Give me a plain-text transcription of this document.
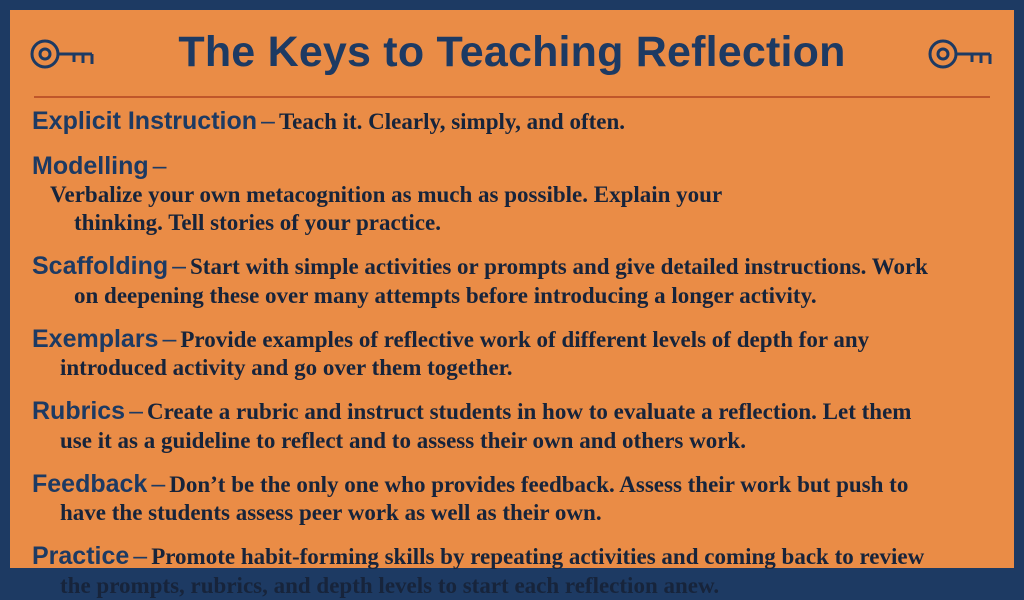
The Keys to Teaching Reflection
Explicit Instruction – Teach it. Clearly, simply, and often.
Modelling –
Verbalize your own metacognition as much as possible. Explain your
thinking. Tell stories of your practice.
Scaffolding – Start with simple activities or prompts and give detailed instructions. Work
on deepening these over many attempts before introducing a longer activity.
Exemplars – Provide examples of reflective work of different levels of depth for any
introduced activity and go over them together.
Rubrics – Create a rubric and instruct students in how to evaluate a reflection. Let them
use it as a guideline to reflect and to assess their own and others work.
Feedback – Don’t be the only one who provides feedback. Assess their work but push to
have the students assess peer work as well as their own.
Practice – Promote habit-forming skills by repeating activities and coming back to review
the prompts, rubrics, and depth levels to start each reflection anew.
